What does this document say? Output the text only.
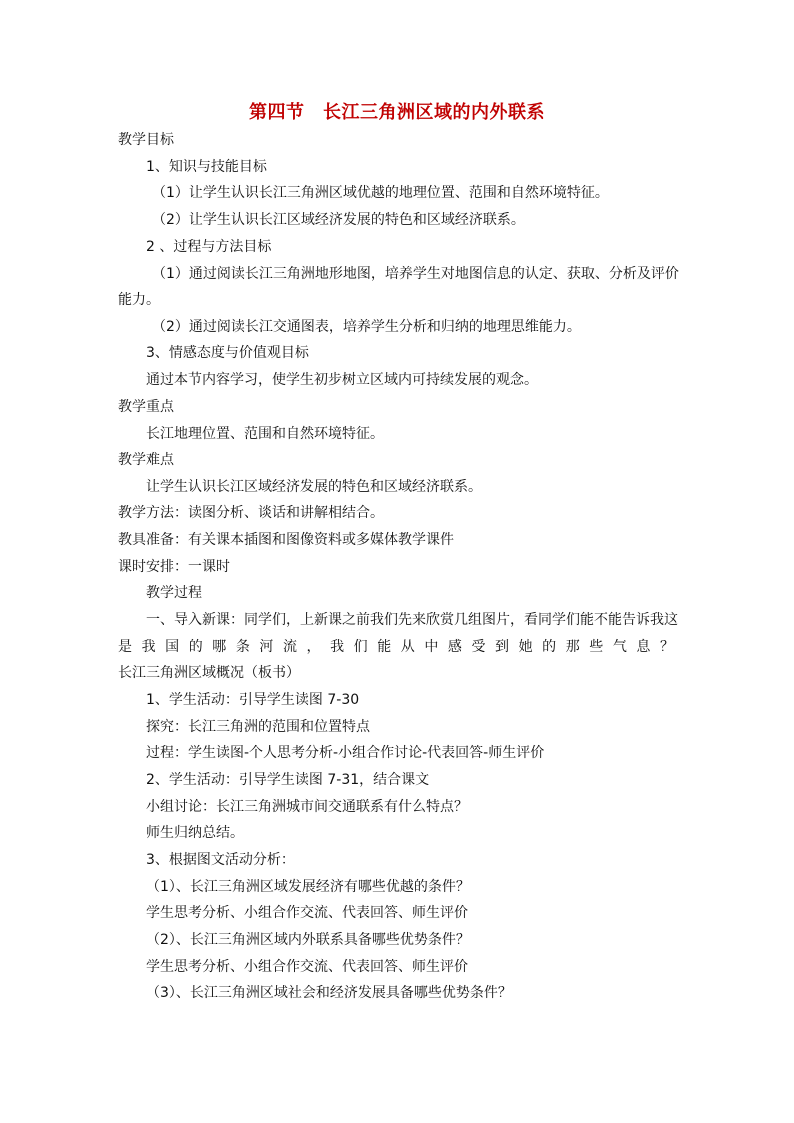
第四节　长江三角洲区域的内外联系
教学目标
1、知识与技能目标
（1）让学生认识长江三角洲区域优越的地理位置、范围和自然环境特征。
（2）让学生认识长江区域经济发展的特色和区域经济联系。
2 、过程与方法目标
（1）通过阅读长江三角洲地形地图，培养学生对地图信息的认定、获取、分析及评价
能力。
（2）通过阅读长江交通图表，培养学生分析和归纳的地理思维能力。
3、情感态度与价值观目标
通过本节内容学习，使学生初步树立区域内可持续发展的观念。
教学重点
长江地理位置、范围和自然环境特征。
教学难点
让学生认识长江区域经济发展的特色和区域经济联系。
教学方法：读图分析、谈话和讲解相结合。
教具准备：有关课本插图和图像资料或多媒体教学课件
课时安排：一课时
教学过程
一、导入新课：同学们，上新课之前我们先来欣赏几组图片，看同学们能不能告诉我这
是 我 国 的 哪 条 河 流 ， 我 们 能 从 中 感 受 到 她 的 那 些 气 息 ？
长江三角洲区域概况（板书）
1、学生活动：引导学生读图 7-30
探究：长江三角洲的范围和位置特点
过程：学生读图-个人思考分析-小组合作讨论-代表回答-师生评价
2、学生活动：引导学生读图 7-31，结合课文
小组讨论：长江三角洲城市间交通联系有什么特点？
师生归纳总结。
3、根据图文活动分析：
（1）、长江三角洲区域发展经济有哪些优越的条件？
学生思考分析、小组合作交流、代表回答、师生评价
（2）、长江三角洲区域内外联系具备哪些优势条件？
学生思考分析、小组合作交流、代表回答、师生评价
（3）、长江三角洲区域社会和经济发展具备哪些优势条件？
